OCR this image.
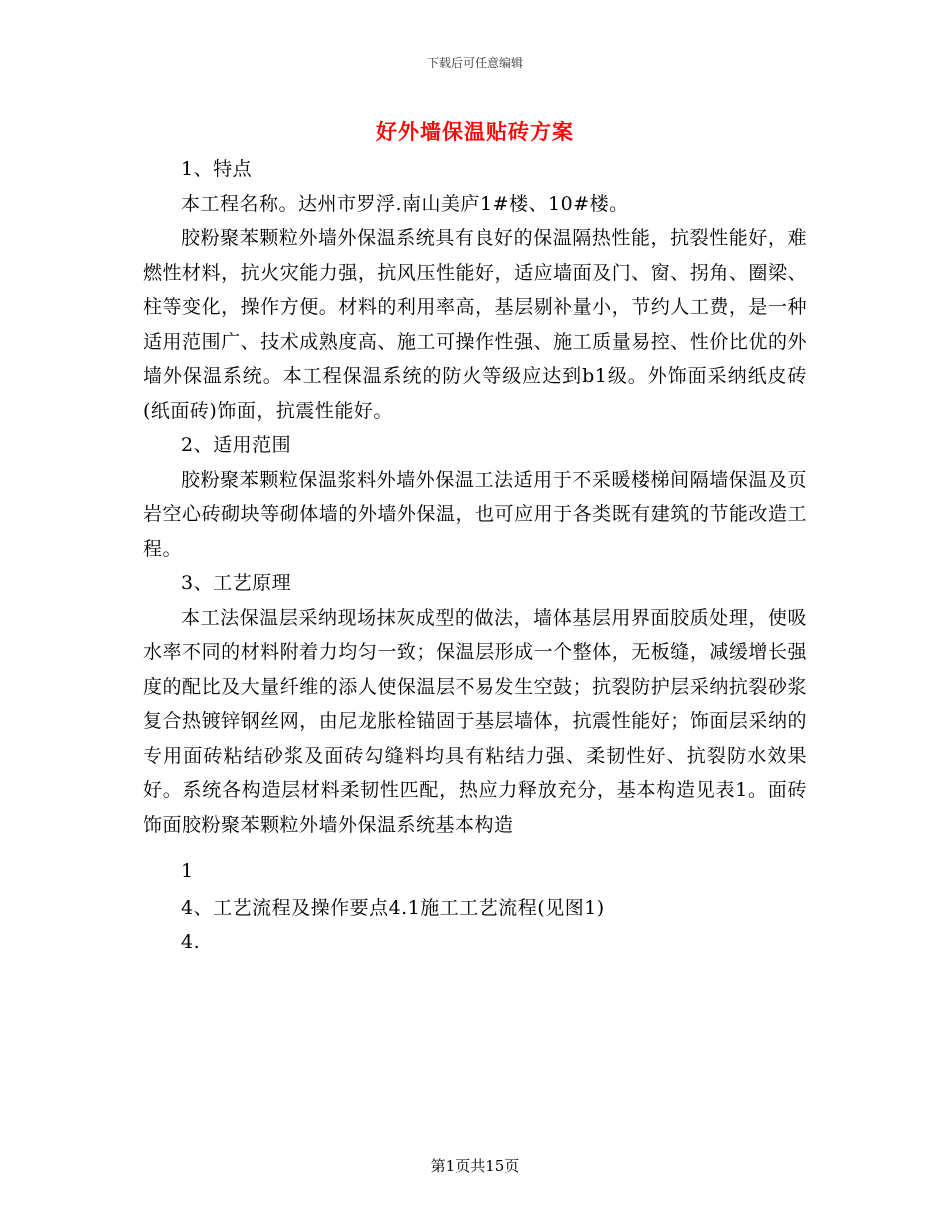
下载后可任意编辑
好外墙保温贴砖方案

1、特点

本工程名称。达州市罗浮.南山美庐1#楼、10#楼。

胶粉聚苯颗粒外墙外保温系统具有良好的保温隔热性能，抗裂性能好，难燃性材料，抗火灾能力强，抗风压性能好，适应墙面及门、窗、拐角、圈梁、柱等变化，操作方便。材料的利用率高，基层剔补量小，节约人工费，是一种适用范围广、技术成熟度高、施工可操作性强、施工质量易控、性价比优的外墙外保温系统。本工程保温系统的防火等级应达到b1级。外饰面采纳纸皮砖(纸面砖)饰面，抗震性能好。

2、适用范围

胶粉聚苯颗粒保温浆料外墙外保温工法适用于不采暖楼梯间隔墙保温及页岩空心砖砌块等砌体墙的外墙外保温，也可应用于各类既有建筑的节能改造工程。

3、工艺原理

本工法保温层采纳现场抹灰成型的做法，墙体基层用界面胶质处理，使吸水率不同的材料附着力均匀一致；保温层形成一个整体，无板缝，减缓增长强度的配比及大量纤维的添人使保温层不易发生空鼓；抗裂防护层采纳抗裂砂浆复合热镀锌钢丝网，由尼龙胀栓锚固于基层墙体，抗震性能好；饰面层采纳的专用面砖粘结砂浆及面砖勾缝料均具有粘结力强、柔韧性好、抗裂防水效果好。系统各构造层材料柔韧性匹配，热应力释放充分，基本构造见表1。面砖饰面胶粉聚苯颗粒外墙外保温系统基本构造

1

4、工艺流程及操作要点4.1施工工艺流程(见图1)

4.

第1页共15页
